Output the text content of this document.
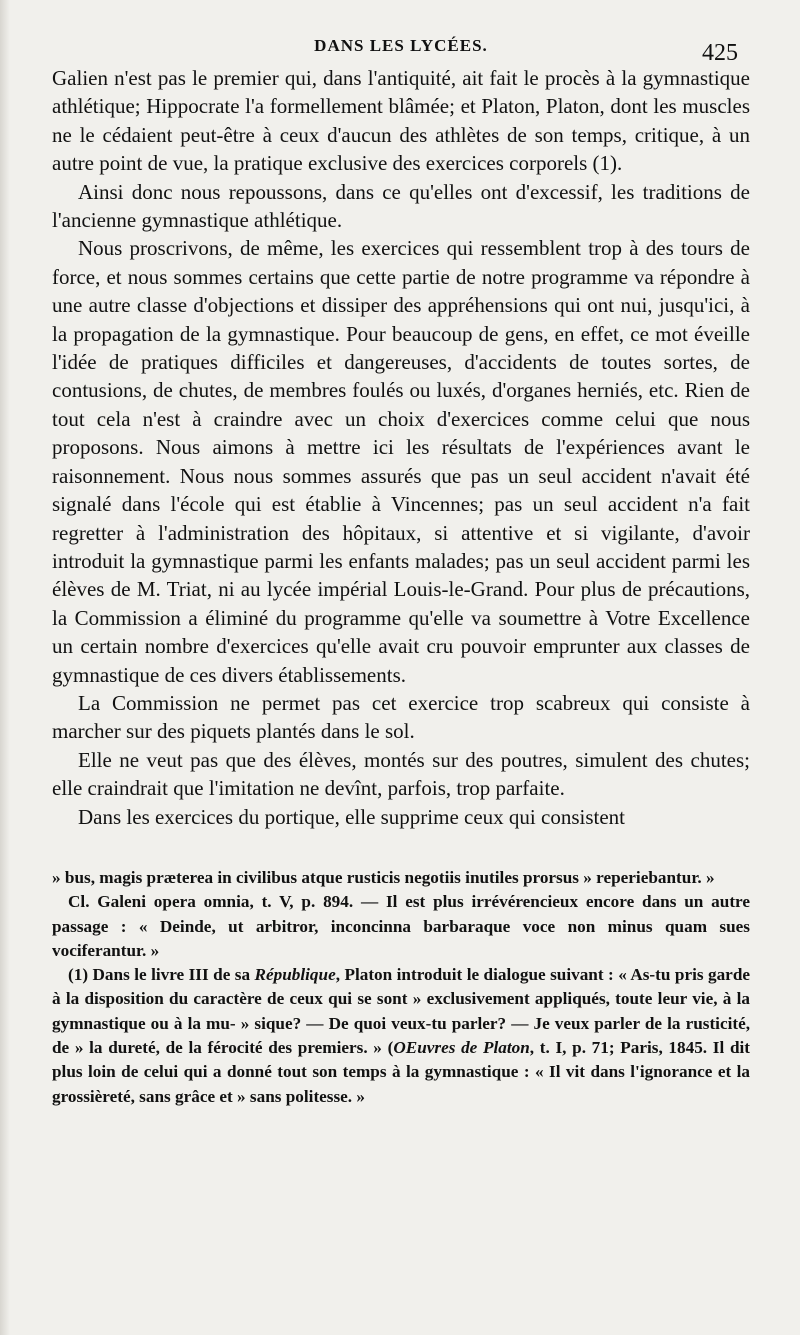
DANS LES LYCÉES.	425

Galien n'est pas le premier qui, dans l'antiquité, ait fait le procès à la gymnastique athlétique; Hippocrate l'a formellement blâmée; et Platon, Platon, dont les muscles ne le cédaient peut-être à ceux d'aucun des athlètes de son temps, critique, à un autre point de vue, la pratique exclusive des exercices corporels (1).

Ainsi donc nous repoussons, dans ce qu'elles ont d'excessif, les traditions de l'ancienne gymnastique athlétique.

Nous proscrivons, de même, les exercices qui ressemblent trop à des tours de force, et nous sommes certains que cette partie de notre programme va répondre à une autre classe d'objections et dissiper des appréhensions qui ont nui, jusqu'ici, à la propagation de la gymnastique. Pour beaucoup de gens, en effet, ce mot éveille l'idée de pratiques difficiles et dangereuses, d'accidents de toutes sortes, de contusions, de chutes, de membres foulés ou luxés, d'organes herniés, etc. Rien de tout cela n'est à craindre avec un choix d'exercices comme celui que nous proposons. Nous aimons à mettre ici les résultats de l'expériences avant le raisonnement. Nous nous sommes assurés que pas un seul accident n'avait été signalé dans l'école qui est établie à Vincennes; pas un seul accident n'a fait regretter à l'administration des hôpitaux, si attentive et si vigilante, d'avoir introduit la gymnastique parmi les enfants malades; pas un seul accident parmi les élèves de M. Triat, ni au lycée impérial Louis-le-Grand. Pour plus de précautions, la Commission a éliminé du programme qu'elle va soumettre à Votre Excellence un certain nombre d'exercices qu'elle avait cru pouvoir emprunter aux classes de gymnastique de ces divers établissements.

La Commission ne permet pas cet exercice trop scabreux qui consiste à marcher sur des piquets plantés dans le sol.

Elle ne veut pas que des élèves, montés sur des poutres, simulent des chutes; elle craindrait que l'imitation ne devînt, parfois, trop parfaite.

Dans les exercices du portique, elle supprime ceux qui consistent

» bus, magis præterea in civilibus atque rusticis negotiis inutiles prorsus » reperiebantur. »

Cl. Galeni opera omnia, t. V, p. 894. — Il est plus irrévérencieux encore dans un autre passage : « Deinde, ut arbitror, inconcinna barbaraque voce non minus quam sues vociferantur. »

(1) Dans le livre III de sa République, Platon introduit le dialogue suivant : « As-tu pris garde à la disposition du caractère de ceux qui se sont » exclusivement appliqués, toute leur vie, à la gymnastique ou à la mu- » sique? — De quoi veux-tu parler? — Je veux parler de la rusticité, de » la dureté, de la férocité des premiers. » (OEuvres de Platon, t. I, p. 71; Paris, 1845. Il dit plus loin de celui qui a donné tout son temps à la gymnastique : « Il vit dans l'ignorance et la grossièreté, sans grâce et » sans politesse. »
